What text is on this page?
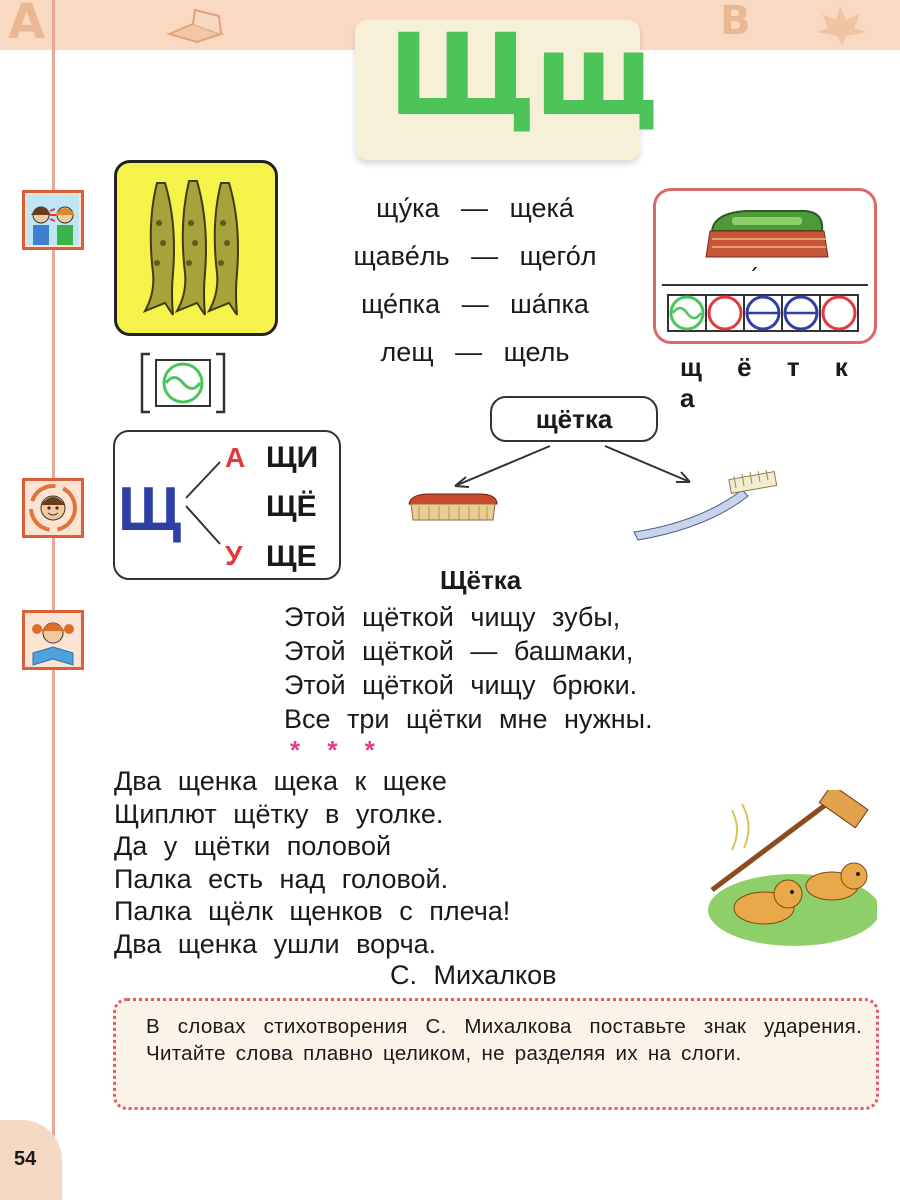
А	В
Щщ
щу́ка — щека́
щаве́ль — щего́л
ще́пка — ша́пка
лещ — щель
´
щ ё т к а
щётка
Щ
А
У
ЩИ
ЩЁ
ЩЕ
Щётка
Этой щёткой чищу зубы,
Этой щёткой — башмаки,
Этой щёткой чищу брюки.
Все три щётки мне нужны.
* * *
Два щенка щека к щеке
Щиплют щётку в уголке.
Да у щётки половой
Палка есть над головой.
Палка щёлк щенков с плеча!
Два щенка ушли ворча.
С. Михалков
В словах стихотворения С. Михалкова поставьте знак ударения. Читайте слова плавно целиком, не разделяя их на слоги.
54
